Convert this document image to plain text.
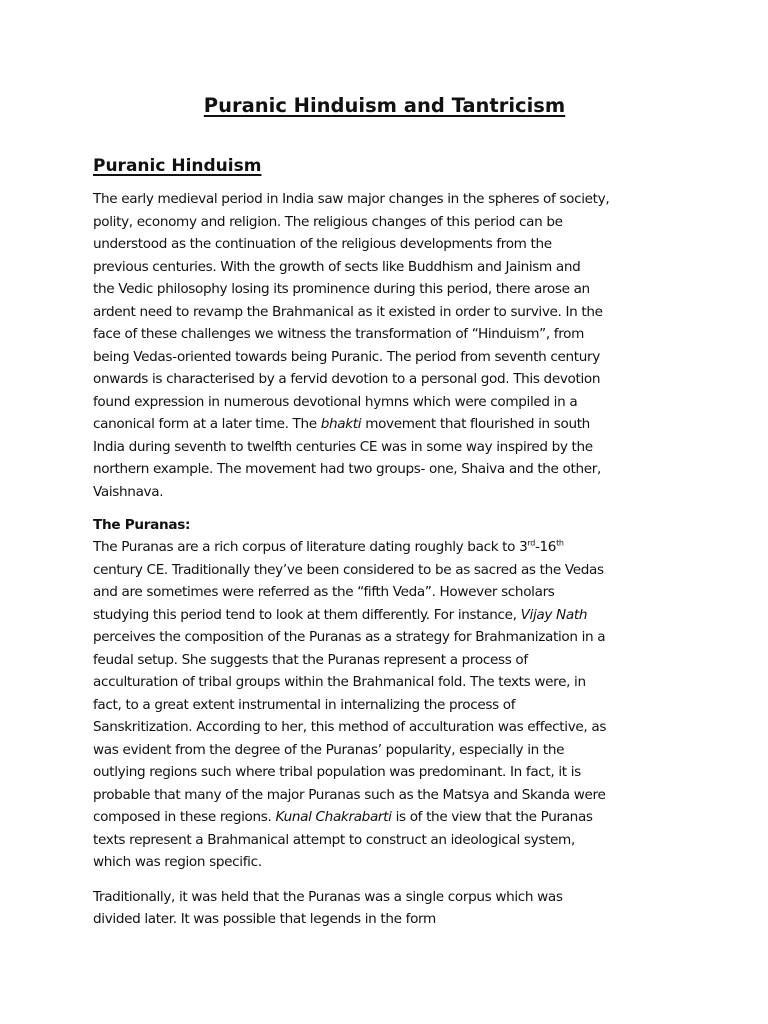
Puranic Hinduism and Tantricism
Puranic Hinduism

The early medieval period in India saw major changes in the spheres of society,
polity, economy and religion. The religious changes of this period can be
understood as the continuation of the religious developments from the
previous centuries. With the growth of sects like Buddhism and Jainism and
the Vedic philosophy losing its prominence during this period, there arose an
ardent need to revamp the Brahmanical as it existed in order to survive. In the
face of these challenges we witness the transformation of “Hinduism”, from
being Vedas-oriented towards being Puranic. The period from seventh century
onwards is characterised by a fervid devotion to a personal god. This devotion
found expression in numerous devotional hymns which were compiled in a
canonical form at a later time. The bhakti movement that flourished in south
India during seventh to twelfth centuries CE was in some way inspired by the
northern example. The movement had two groups- one, Shaiva and the other,
Vaishnava.

The Puranas:

The Puranas are a rich corpus of literature dating roughly back to 3rd-16th
century CE. Traditionally they’ve been considered to be as sacred as the Vedas
and are sometimes were referred as the “fifth Veda”. However scholars
studying this period tend to look at them differently. For instance, Vijay Nath
perceives the composition of the Puranas as a strategy for Brahmanization in a
feudal setup. She suggests that the Puranas represent a process of
acculturation of tribal groups within the Brahmanical fold. The texts were, in
fact, to a great extent instrumental in internalizing the process of
Sanskritization. According to her, this method of acculturation was effective, as
was evident from the degree of the Puranas’ popularity, especially in the
outlying regions such where tribal population was predominant. In fact, it is
probable that many of the major Puranas such as the Matsya and Skanda were
composed in these regions. Kunal Chakrabarti is of the view that the Puranas
texts represent a Brahmanical attempt to construct an ideological system,
which was region specific.

Traditionally, it was held that the Puranas was a single corpus which was
divided later. It was possible that legends in the form
